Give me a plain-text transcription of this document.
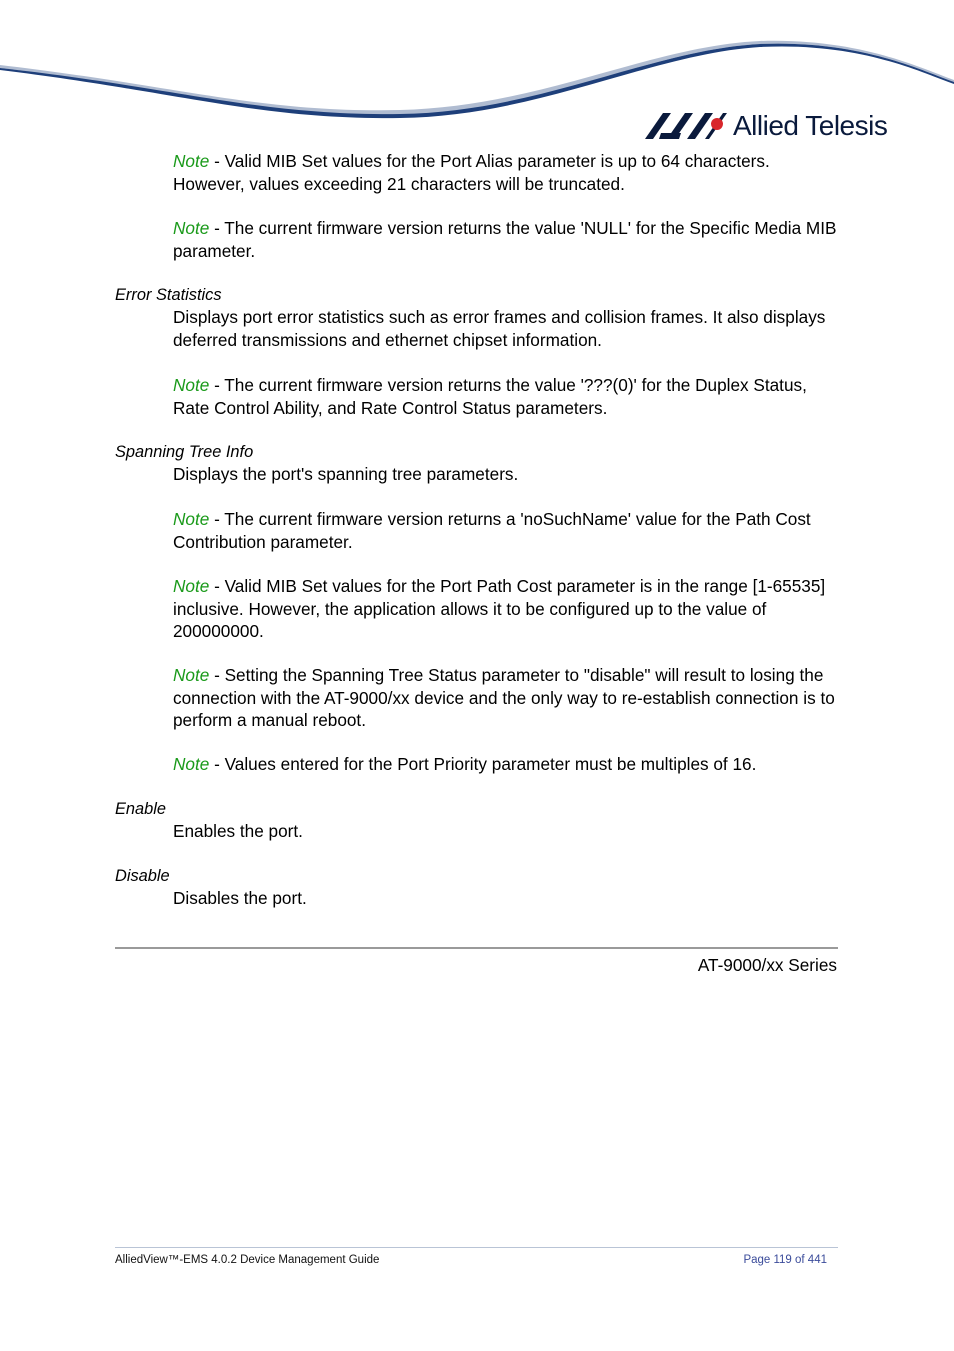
Allied Telesis

Note - Valid MIB Set values for the Port Alias parameter is up to 64 characters. However, values exceeding 21 characters will be truncated.

Note - The current firmware version returns the value 'NULL' for the Specific Media MIB parameter.

Error Statistics

Displays port error statistics such as error frames and collision frames. It also displays deferred transmissions and ethernet chipset information.

Note - The current firmware version returns the value '???(0)' for the Duplex Status, Rate Control Ability, and Rate Control Status parameters.

Spanning Tree Info

Displays the port's spanning tree parameters.

Note - The current firmware version returns a 'noSuchName' value for the Path Cost Contribution parameter.

Note - Valid MIB Set values for the Port Path Cost parameter is in the range [1-65535] inclusive. However, the application allows it to be configured up to the value of 200000000.

Note - Setting the Spanning Tree Status parameter to "disable" will result to losing the connection with the AT-9000/xx device and the only way to re-establish connection is to perform a manual reboot.

Note - Values entered for the Port Priority parameter must be multiples of 16.

Enable

Enables the port.

Disable

Disables the port.

AT-9000/xx Series
AlliedView™-EMS 4.0.2 Device Management Guide	Page 119 of 441
